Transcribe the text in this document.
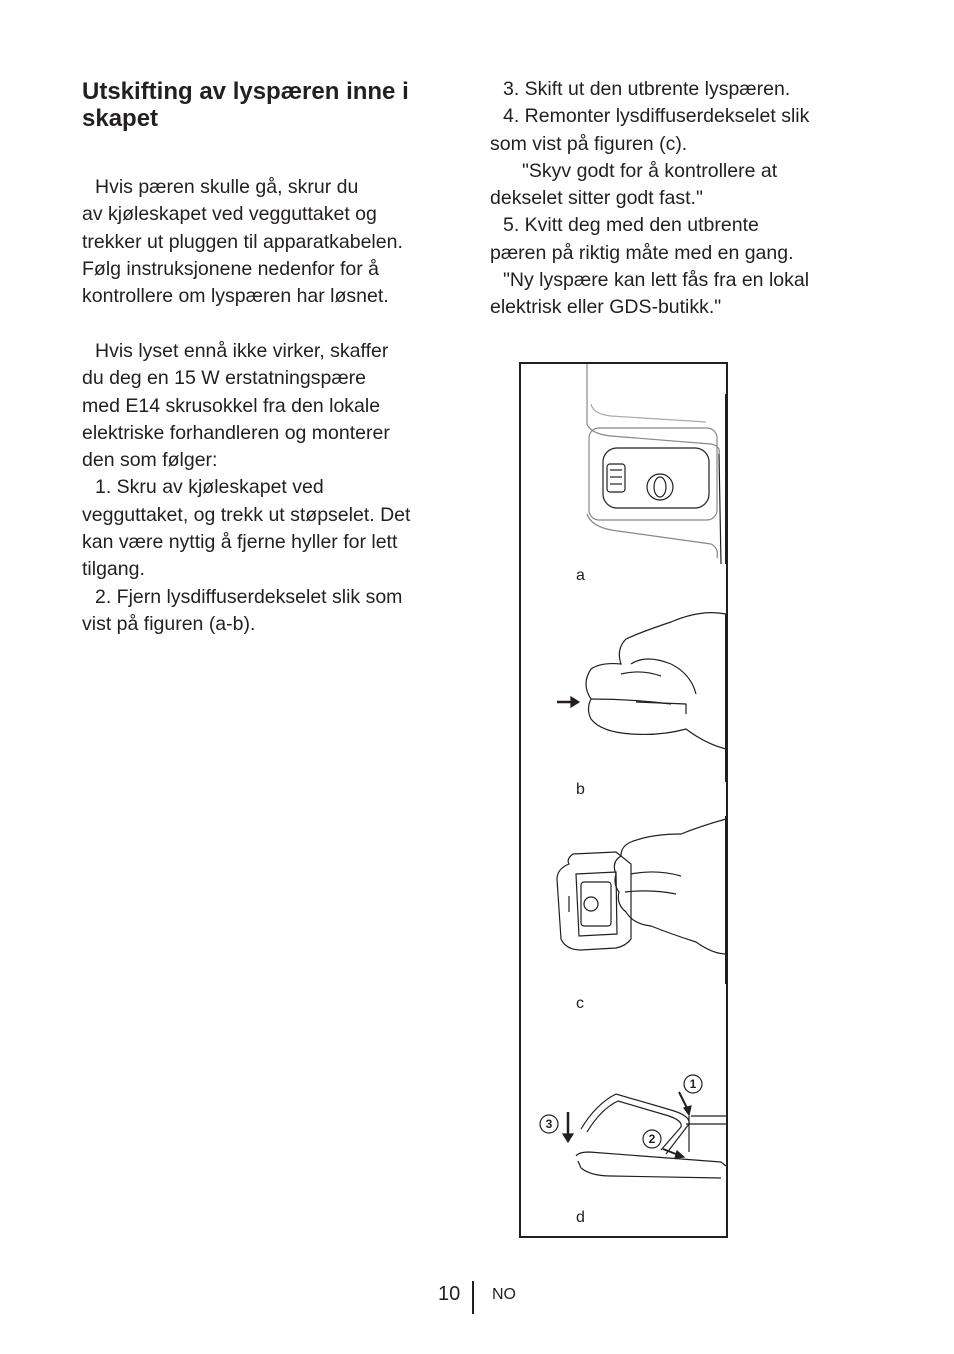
Utskifting av lyspæren inne i skapet

Hvis pæren skulle gå, skrur du

av kjøleskapet ved vegguttaket og

trekker ut pluggen til apparatkabelen.

Følg instruksjonene nedenfor for å

kontrollere om lyspæren har løsnet.

Hvis lyset ennå ikke virker, skaffer

du deg en 15 W erstatningspære

med E14 skrusokkel fra den lokale

elektriske forhandleren og monterer

den som følger:

1. Skru av kjøleskapet ved

vegguttaket, og trekk ut støpselet. Det

kan være nyttig å fjerne hyller for lett

tilgang.

2. Fjern lysdiffuserdekselet slik som

vist på figuren (a-b).

3. Skift ut den utbrente lyspæren.

4. Remonter lysdiffuserdekselet slik

som vist på figuren (c).

"Skyv godt for å kontrollere at

dekselet sitter godt fast."

5. Kvitt deg med den utbrente

pæren på riktig måte med en gang.

"Ny lyspære kan lett fås fra en lokal

elektrisk eller GDS-butikk."

1
2
3
a
b
c
d
10 NO
